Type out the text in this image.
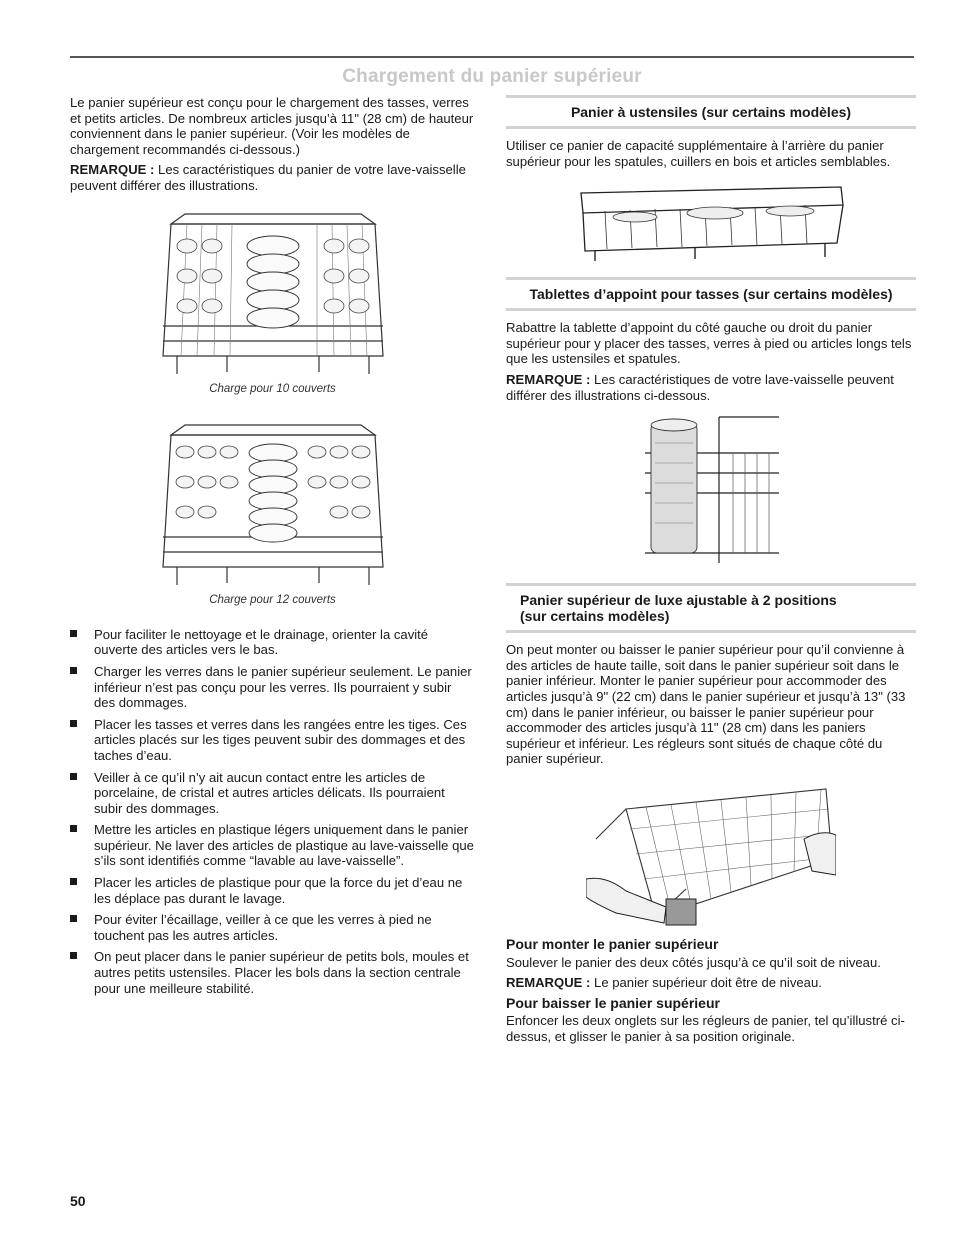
Chargement du panier supérieur

Le panier supérieur est conçu pour le chargement des tasses, verres et petits articles. De nombreux articles jusqu’à 11" (28 cm) de hauteur conviennent dans le panier supérieur. (Voir les modèles de chargement recommandés ci-dessous.)

REMARQUE : Les caractéristiques du panier de votre lave-vaisselle peuvent différer des illustrations.

Charge pour 10 couverts

Charge pour 12 couverts

Pour faciliter le nettoyage et le drainage, orienter la cavité ouverte des articles vers le bas.
Charger les verres dans le panier supérieur seulement. Le panier inférieur n’est pas conçu pour les verres. Ils pourraient y subir des dommages.
Placer les tasses et verres dans les rangées entre les tiges. Ces articles placés sur les tiges peuvent subir des dommages et des taches d’eau.
Veiller à ce qu’il n’y ait aucun contact entre les articles de porcelaine, de cristal et autres articles délicats. Ils pourraient subir des dommages.
Mettre les articles en plastique légers uniquement dans le panier supérieur. Ne laver des articles de plastique au lave-vaisselle que s’ils sont identifiés comme “lavable au lave-vaisselle”.
Placer les articles de plastique pour que la force du jet d’eau ne les déplace pas durant le lavage.
Pour éviter l’écaillage, veiller à ce que les verres à pied ne touchent pas les autres articles.
On peut placer dans le panier supérieur de petits bols, moules et autres petits ustensiles. Placer les bols dans la section centrale pour une meilleure stabilité.
Panier à ustensiles (sur certains modèles)

Utiliser ce panier de capacité supplémentaire à l’arrière du panier supérieur pour les spatules, cuillers en bois et articles semblables.

Tablettes d’appoint pour tasses (sur certains modèles)

Rabattre la tablette d’appoint du côté gauche ou droit du panier supérieur pour y placer des tasses, verres à pied ou articles longs tels que les ustensiles et spatules.

REMARQUE : Les caractéristiques de votre lave-vaisselle peuvent différer des illustrations ci-dessous.

Panier supérieur de luxe ajustable à 2 positions
(sur certains modèles)

On peut monter ou baisser le panier supérieur pour qu’il convienne à des articles de haute taille, soit dans le panier supérieur soit dans le panier inférieur. Monter le panier supérieur pour accommoder des articles jusqu’à 9" (22 cm) dans le panier supérieur et jusqu’à 13" (33 cm) dans le panier inférieur, ou baisser le panier supérieur pour accommoder des articles jusqu’à 11" (28 cm) dans les paniers supérieur et inférieur. Les régleurs sont situés de chaque côté du panier supérieur.

Pour monter le panier supérieur

Soulever le panier des deux côtés jusqu’à ce qu’il soit de niveau.

REMARQUE : Le panier supérieur doit être de niveau.

Pour baisser le panier supérieur

Enfoncer les deux onglets sur les régleurs de panier, tel qu’illustré ci-dessus, et glisser le panier à sa position originale.

50
